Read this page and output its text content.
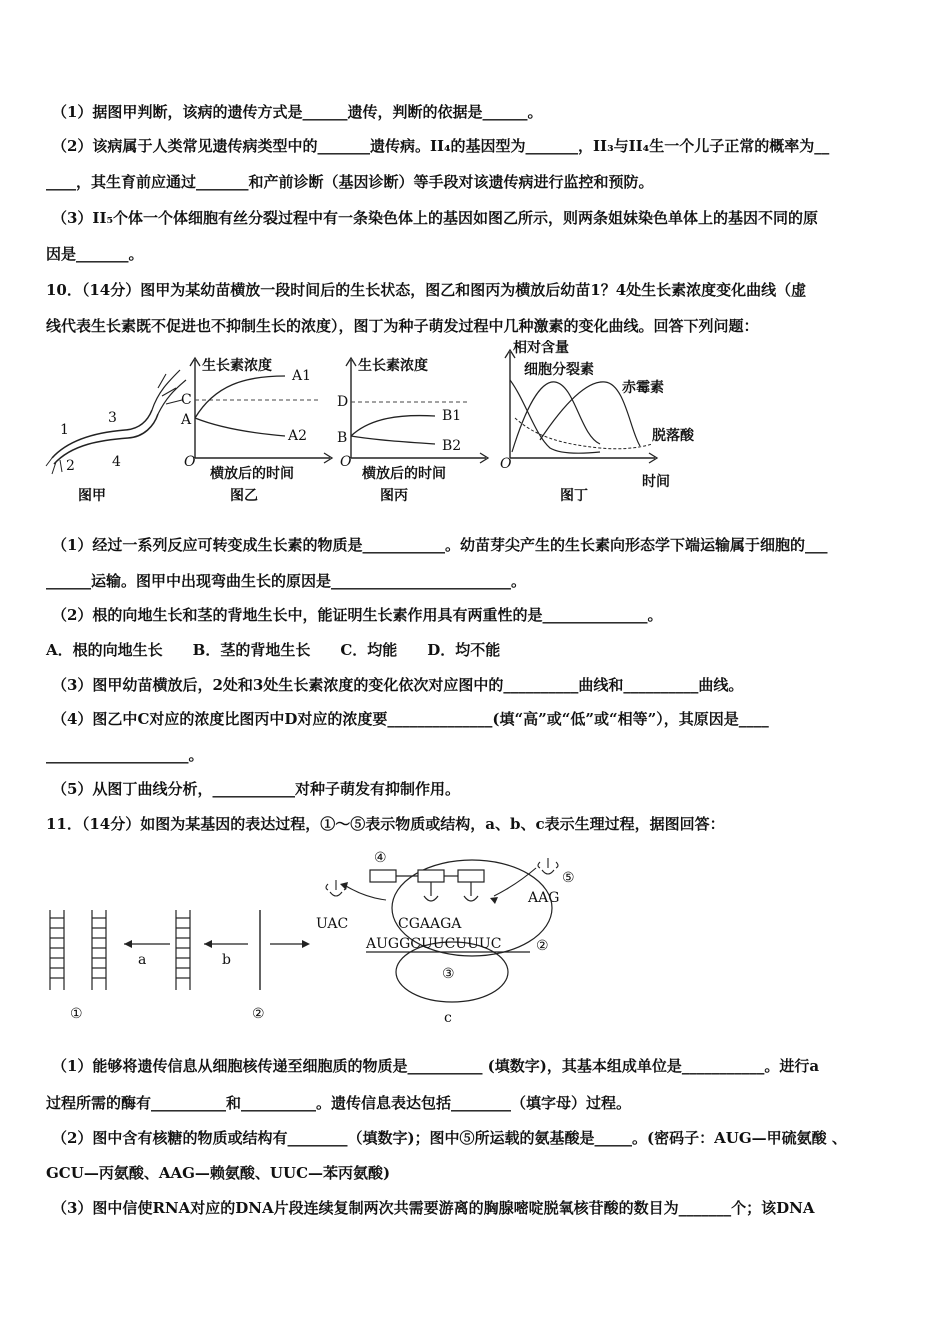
（1）据图甲判断，该病的遗传方式是______遗传，判断的依据是______。
（2）该病属于人类常见遗传病类型中的_______遗传病。II₄的基因型为_______，II₃与II₄生一个儿子正常的概率为__
____，其生育前应通过_______和产前诊断（基因诊断）等手段对该遗传病进行监控和预防。
（3）II₅个体一个体细胞有丝分裂过程中有一条染色体上的基因如图乙所示，则两条姐妹染色单体上的基因不同的原
因是_______。
10．（14分）图甲为某幼苗横放一段时间后的生长状态，图乙和图丙为横放后幼苗1？4处生长素浓度变化曲线（虚
线代表生长素既不促进也不抑制生长的浓度），图丁为种子萌发过程中几种激素的变化曲线。回答下列问题：
1
2
3
4
图甲
生长素浓度
C
A
A1
A2
O
横放后的时间
图乙
生长素浓度
D
B
B1
B2
O
横放后的时间
图丙
相对含量
细胞分裂素
赤霉素
脱落酸
O
时间
图丁
（1）经过一系列反应可转变成生长素的物质是___________。幼苗芽尖产生的生长素向形态学下端运输属于细胞的___
______运输。图甲中出现弯曲生长的原因是________________________。
（2）根的向地生长和茎的背地生长中，能证明生长素作用具有两重性的是______________。
A．根的向地生长　　B．茎的背地生长　　C．均能　　D．均不能
（3）图甲幼苗横放后，2处和3处生长素浓度的变化依次对应图中的__________曲线和__________曲线。
（4）图乙中C对应的浓度比图丙中D对应的浓度要______________(填“高”或“低”或“相等”），其原因是____
___________________。
（5）从图丁曲线分析，___________对种子萌发有抑制作用。
11．（14分）如图为某基因的表达过程，①～⑤表示物质或结构，a、b、c表示生理过程，据图回答：
a	b
①	②
④
⑤
UAC
AAG
CGAAGA
AUGGCUUCUUUC ②
③
c
（1）能够将遗传信息从细胞核传递至细胞质的物质是__________ (填数字)，其基本组成单位是___________。进行a
过程所需的酶有__________和__________。遗传信息表达包括________（填字母）过程。
（2）图中含有核糖的物质或结构有________（填数字)；图中⑤所运载的氨基酸是_____。(密码子：AUG—甲硫氨酸 、
GCU—丙氨酸、AAG—赖氨酸、UUC—苯丙氨酸)
（3）图中信使RNA对应的DNA片段连续复制两次共需要游离的胸腺嘧啶脱氧核苷酸的数目为_______个；该DNA
